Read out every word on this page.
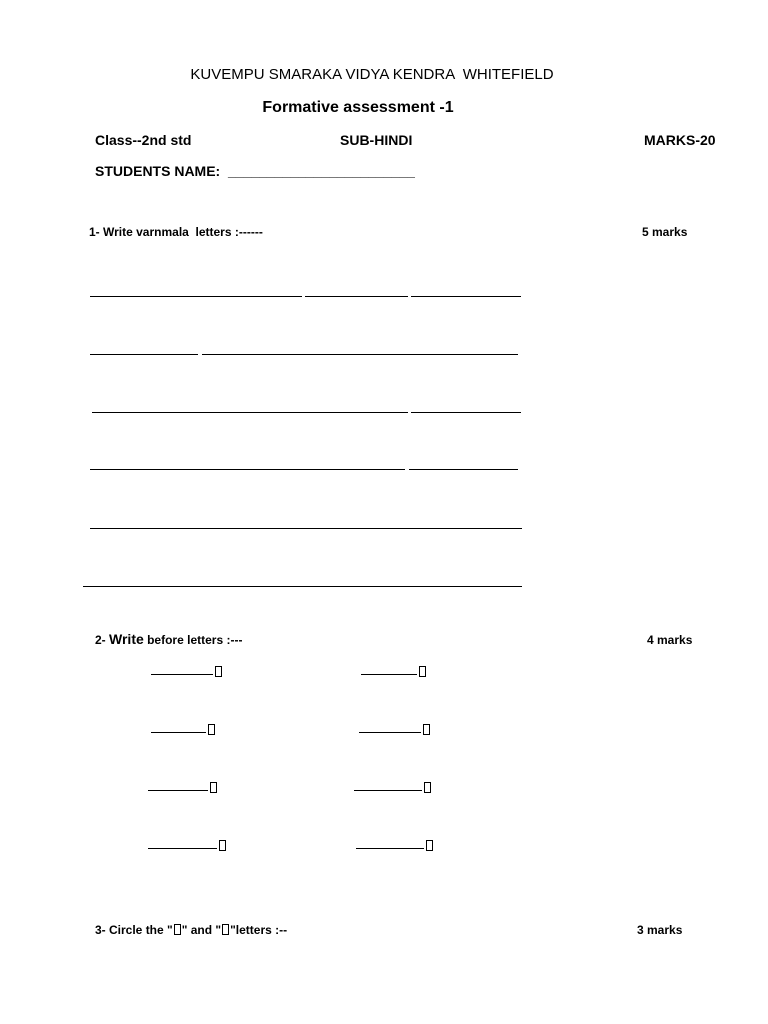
KUVEMPU SMARAKA VIDYA KENDRA  WHITEFIELD
Formative assessment -1
Class--2nd std	SUB-HINDI	MARKS-20
STUDENTS NAME: ________________________
1- Write varnmala  letters :------	5 marks
2- Write before letters :---	4 marks
3- Circle the " " and " "letters :--	3 marks
